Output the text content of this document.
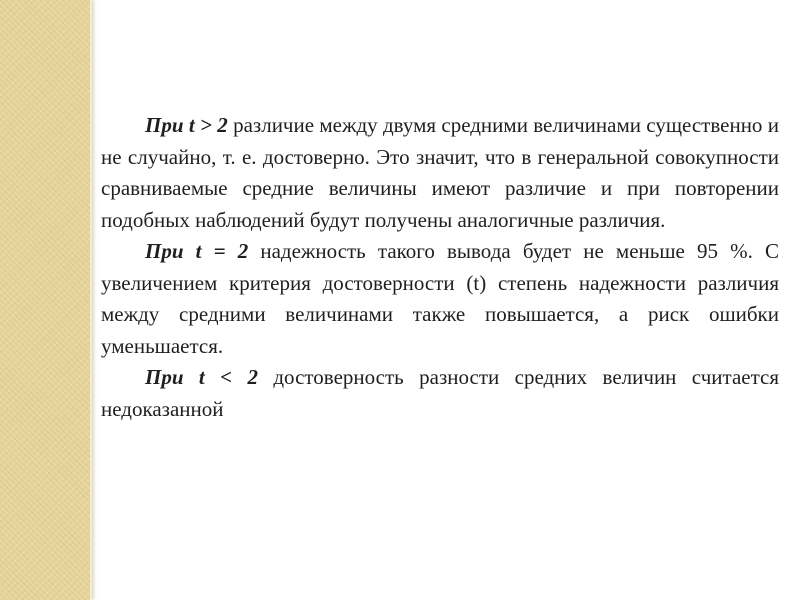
При t > 2 различие между двумя средними величинами существенно и не случайно, т. е. достоверно. Это значит, что в генеральной совокупности сравниваемые средние величины имеют различие и при повторении подобных наблюдений будут получены аналогичные различия.

При t = 2 надежность такого вывода будет не меньше 95 %. С увеличением критерия достоверности (t) степень надежности различия между средними величинами также повышается, а риск ошибки уменьшается.

При t < 2 достоверность разности средних величин считается недоказанной
